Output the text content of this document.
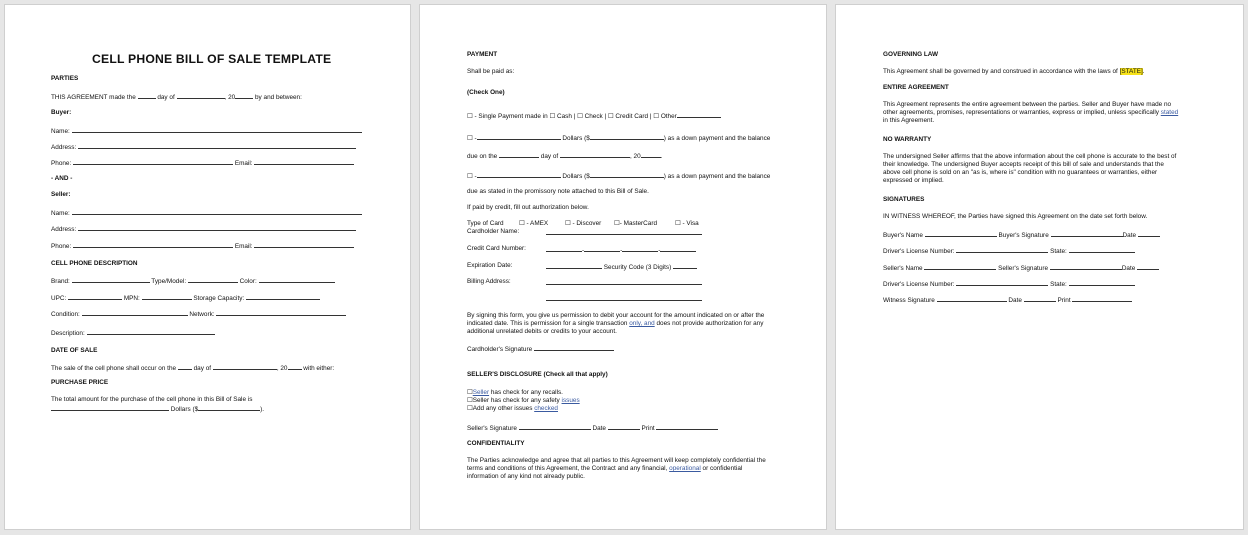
CELL PHONE BILL OF SALE TEMPLATE
PARTIES
THIS AGREEMENT made the	day of	, 20	by and between:
Buyer:
Name:
Address:
Phone:	Email:
- AND -
Seller:
Name:
Address:
Phone:	Email:
CELL PHONE DESCRIPTION
Brand:	Type/Model:	Color:
UPC:	MPN:	Storage Capacity:
Condition:	Network:
Description:
DATE OF SALE
The sale of the cell phone shall occur on the	day of	, 20 with either:
PURCHASE PRICE
The total amount for the purchase of the cell phone in this Bill of Sale is
Dollars ($	).
PAYMENT
Shall be paid as:
(Check One)
☐ - Single Payment made in ☐ Cash | ☐ Check | ☐ Credit Card | ☐ Other
☐ -	Dollars ($	) as a down payment and the balance
due on the	day of	, 20	.
☐ -	Dollars ($	) as a down payment and the balance
due as stated in the promissory note attached to this Bill of Sale.
If paid by credit, fill out authorization below.
Type of Card ☐ - AMEX	☐ - Discover ☐- MasterCard	☐ - Visa
Cardholder Name:
Credit Card Number:	-	-	-
Expiration Date:	Security Code (3 Digits)
Billing Address:
By signing this form, you give us permission to debit your account for the amount indicated on or after the
indicated date. This is permission for a single transaction only, and does not provide authorization for any
additional unrelated debits or credits to your account.
Cardholder's Signature
SELLER'S DISCLOSURE (Check all that apply)
☐Seller has check for any recalls.
☐Seller has check for any safety issues
☐Add any other issues checked
Seller's Signature	Date	Print
CONFIDENTIALITY
The Parties acknowledge and agree that all parties to this Agreement will keep completely confidential the
terms and conditions of this Agreement, the Contract and any financial, operational or confidential
information of any kind not already public.
GOVERNING LAW
This Agreement shall be governed by and construed in accordance with the laws of [STATE].
ENTIRE AGREEMENT
This Agreement represents the entire agreement between the parties. Seller and Buyer have made no
other agreements, promises, representations or warranties, express or implied, unless specifically stated
in this Agreement.
NO WARRANTY
The undersigned Seller affirms that the above information about the cell phone is accurate to the best of
their knowledge. The undersigned Buyer accepts receipt of this bill of sale and understands that the
above cell phone is sold on an "as is, where is" condition with no guarantees or warranties, either
expressed or implied.
SIGNATURES
IN WITNESS WHEREOF, the Parties have signed this Agreement on the date set forth below.
Buyer's Name	Buyer's Signature	Date
Driver's License Number:	State:
Seller's Name	Seller's Signature	Date
Driver's License Number:	State:
Witness Signature	Date	Print
